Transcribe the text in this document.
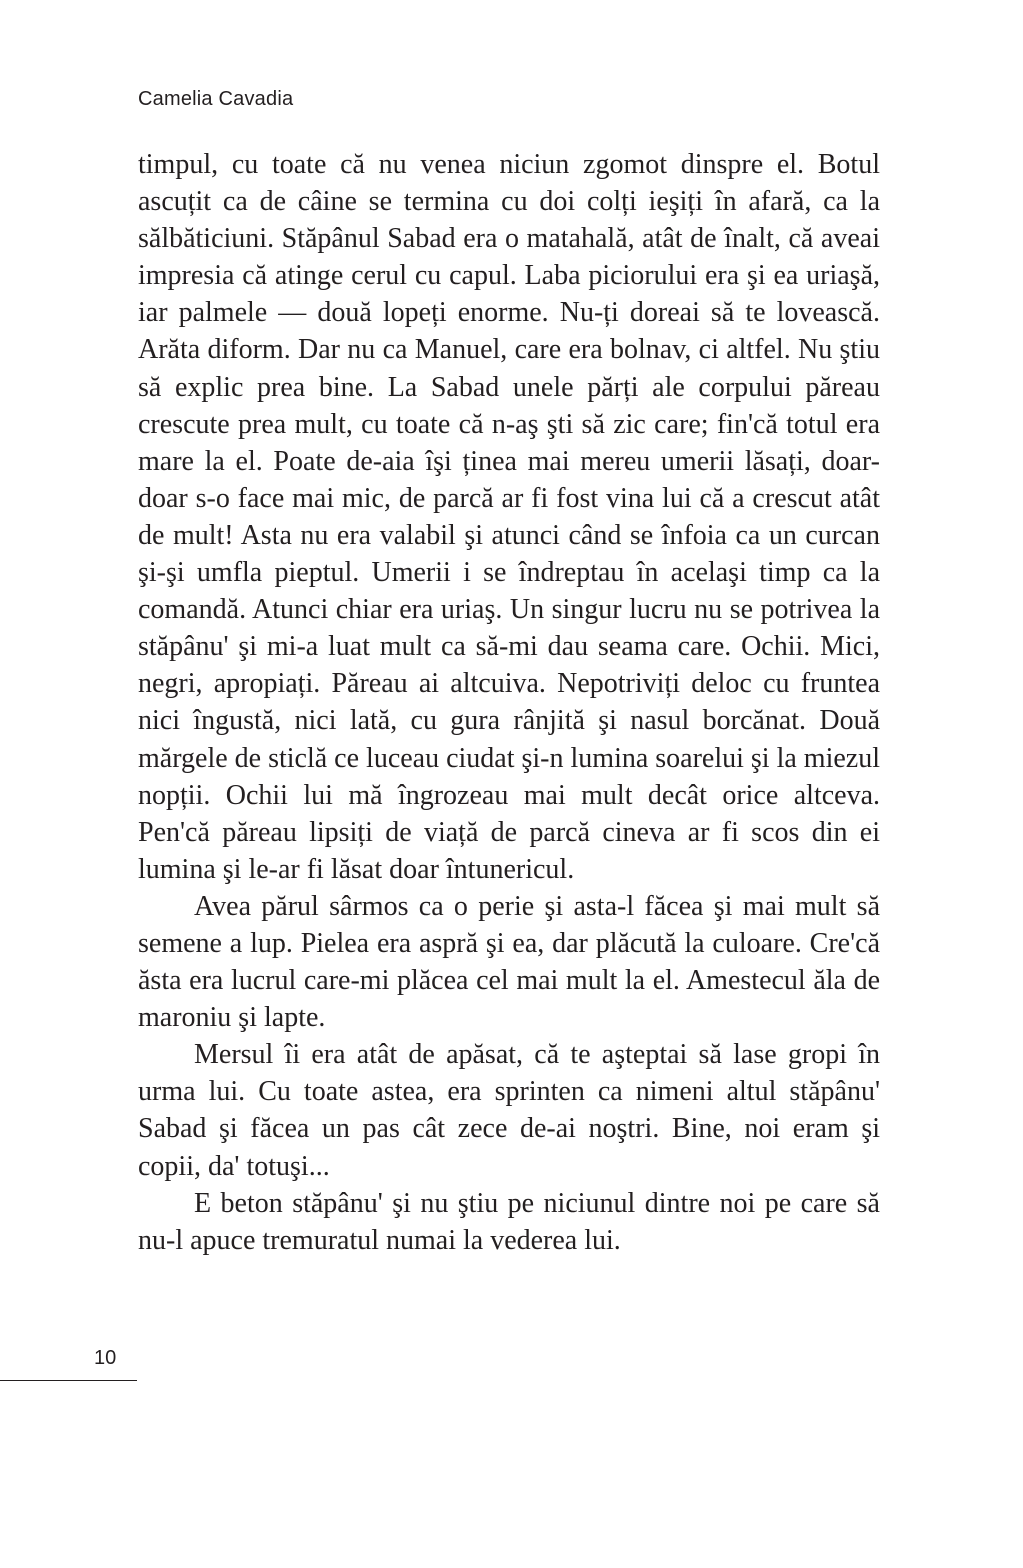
Camelia Cavadia

timpul, cu toate că nu venea niciun zgomot dinspre el. Botul ascuțit ca de câine se termina cu doi colți ieşiți în afară, ca la sălbăticiuni. Stăpânul Sabad era o matahală, atât de înalt, că aveai impresia că atinge cerul cu capul. Laba piciorului era şi ea uriaşă, iar palmele — două lopeți enorme. Nu-ți doreai să te lovească. Arăta diform. Dar nu ca Manuel, care era bolnav, ci altfel. Nu ştiu să explic prea bine. La Sabad unele părți ale corpului păreau crescute prea mult, cu toate că n-aş şti să zic care; fin'că totul era mare la el. Poate de-aia îşi ținea mai mereu umerii lăsați, doar-doar s-o face mai mic, de parcă ar fi fost vina lui că a crescut atât de mult! Asta nu era valabil şi atunci când se înfoia ca un curcan şi-şi umfla pieptul. Umerii i se îndreptau în acelaşi timp ca la comandă. Atunci chiar era uriaş. Un singur lucru nu se potrivea la stăpânu' şi mi-a luat mult ca să-mi dau seama care. Ochii. Mici, negri, apropiați. Păreau ai altcuiva. Nepotriviți deloc cu fruntea nici îngustă, nici lată, cu gura rânjită şi nasul borcănat. Două mărgele de sticlă ce luceau ciudat şi-n lumina soarelui şi la miezul nopții. Ochii lui mă îngrozeau mai mult decât orice altceva. Pen'că păreau lipsiți de viață de parcă cineva ar fi scos din ei lumina şi le-ar fi lăsat doar întunericul.

Avea părul sârmos ca o perie şi asta-l făcea şi mai mult să semene a lup. Pielea era aspră şi ea, dar plăcută la culoare. Cre'că ăsta era lucrul care-mi plăcea cel mai mult la el. Amestecul ăla de maroniu şi lapte.

Mersul îi era atât de apăsat, că te aşteptai să lase gropi în urma lui. Cu toate astea, era sprinten ca nimeni altul stăpânu' Sabad şi făcea un pas cât zece de-ai noştri. Bine, noi eram şi copii, da' totuşi...

E beton stăpânu' şi nu ştiu pe niciunul dintre noi pe care să nu-l apuce tremuratul numai la vederea lui.

10
